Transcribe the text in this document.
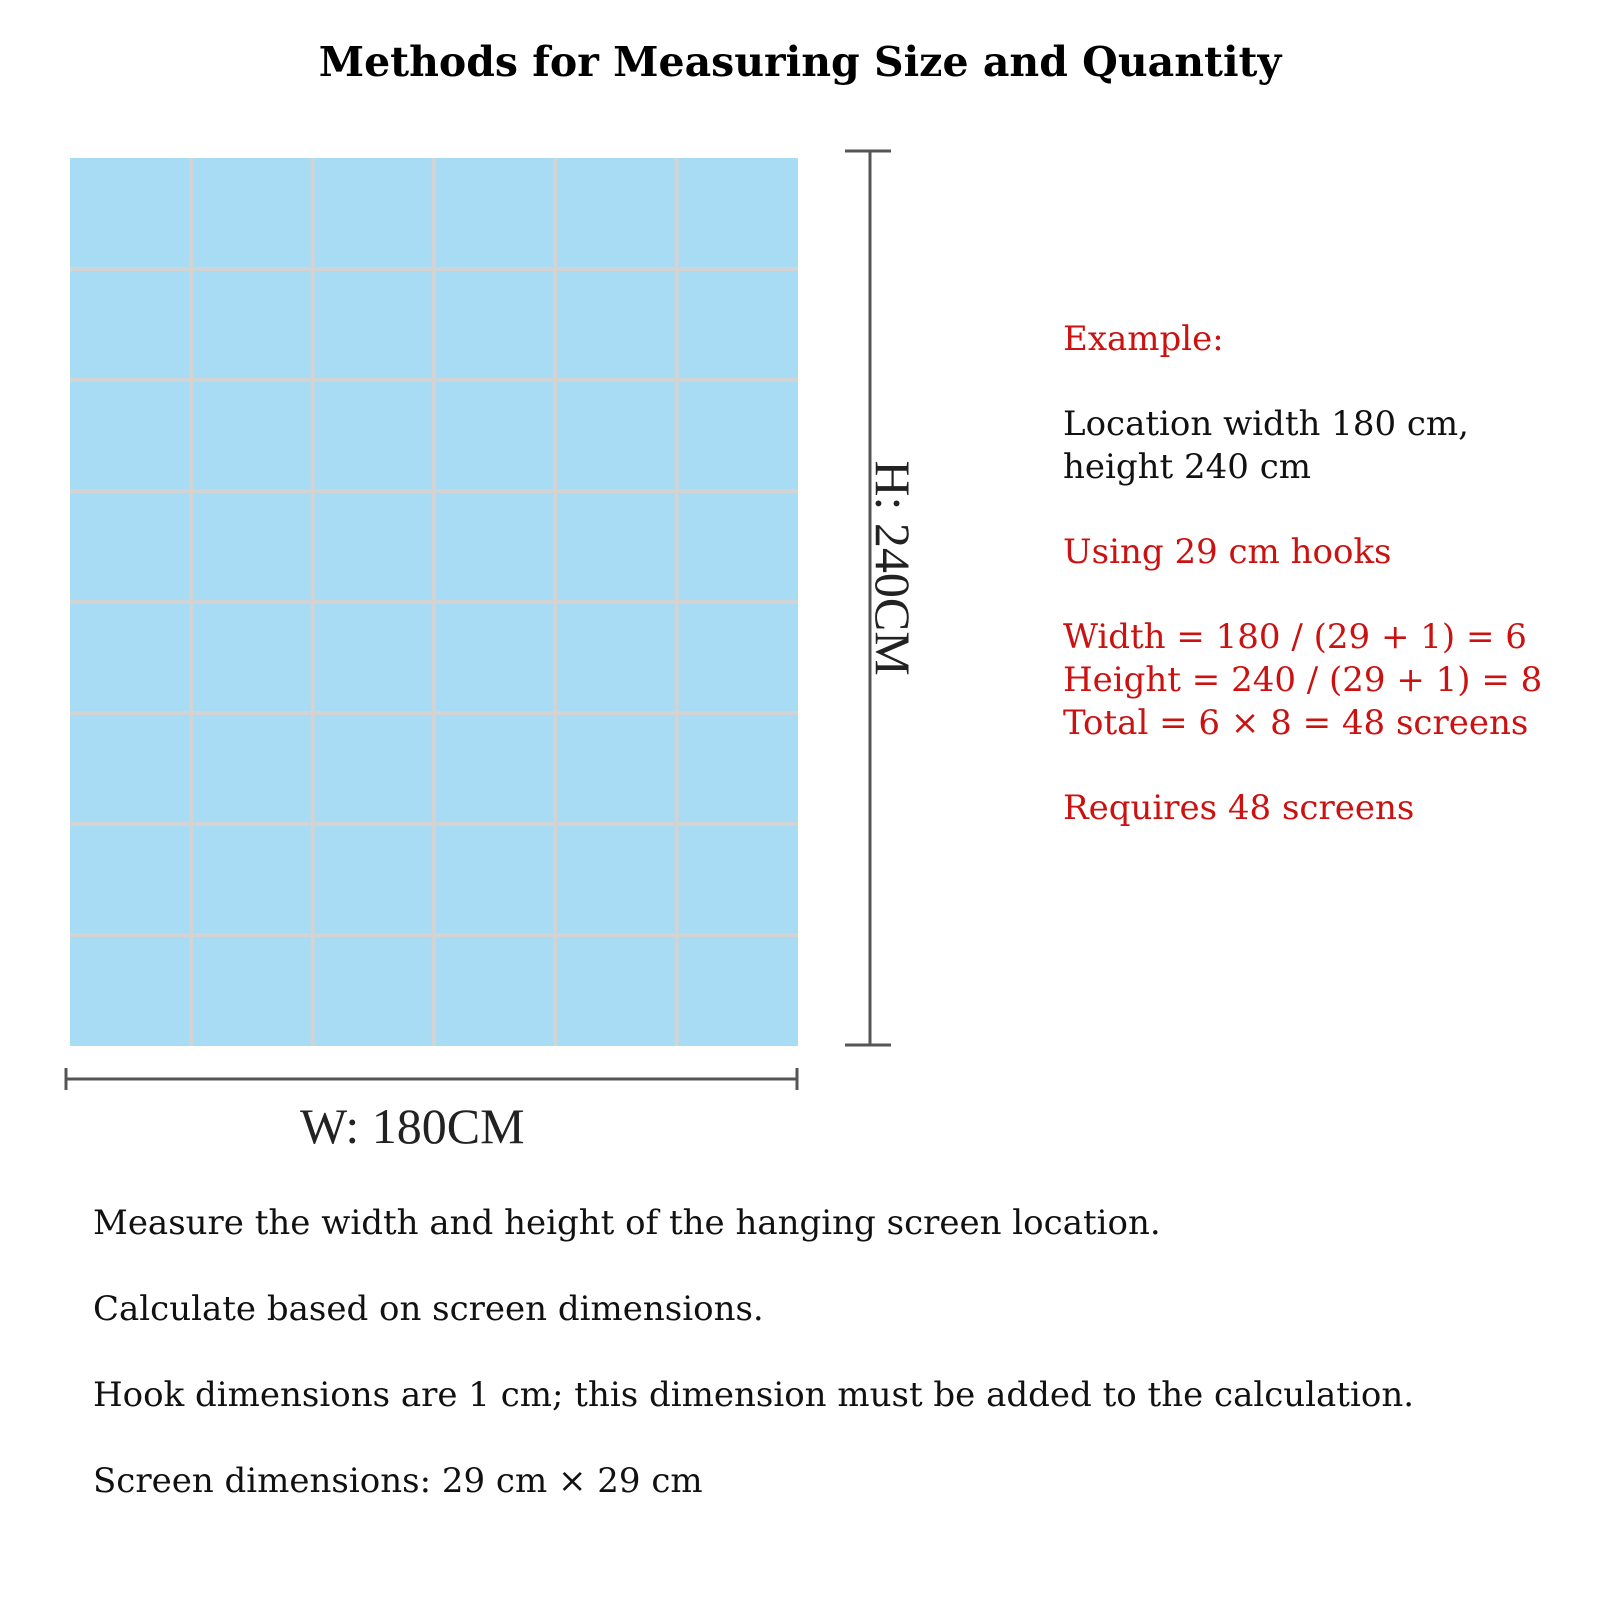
Methods for Measuring Size and Quantity
W: 180CM
H: 240CM
Example:
Location width 180 cm,
height 240 cm
Using 29 cm hooks
Width = 180 / (29 + 1) = 6
Height = 240 / (29 + 1) = 8
Total = 6 × 8 = 48 screens
Requires 48 screens
Measure the width and height of the hanging screen location.
Calculate based on screen dimensions.
Hook dimensions are 1 cm; this dimension must be added to the calculation.
Screen dimensions: 29 cm × 29 cm
